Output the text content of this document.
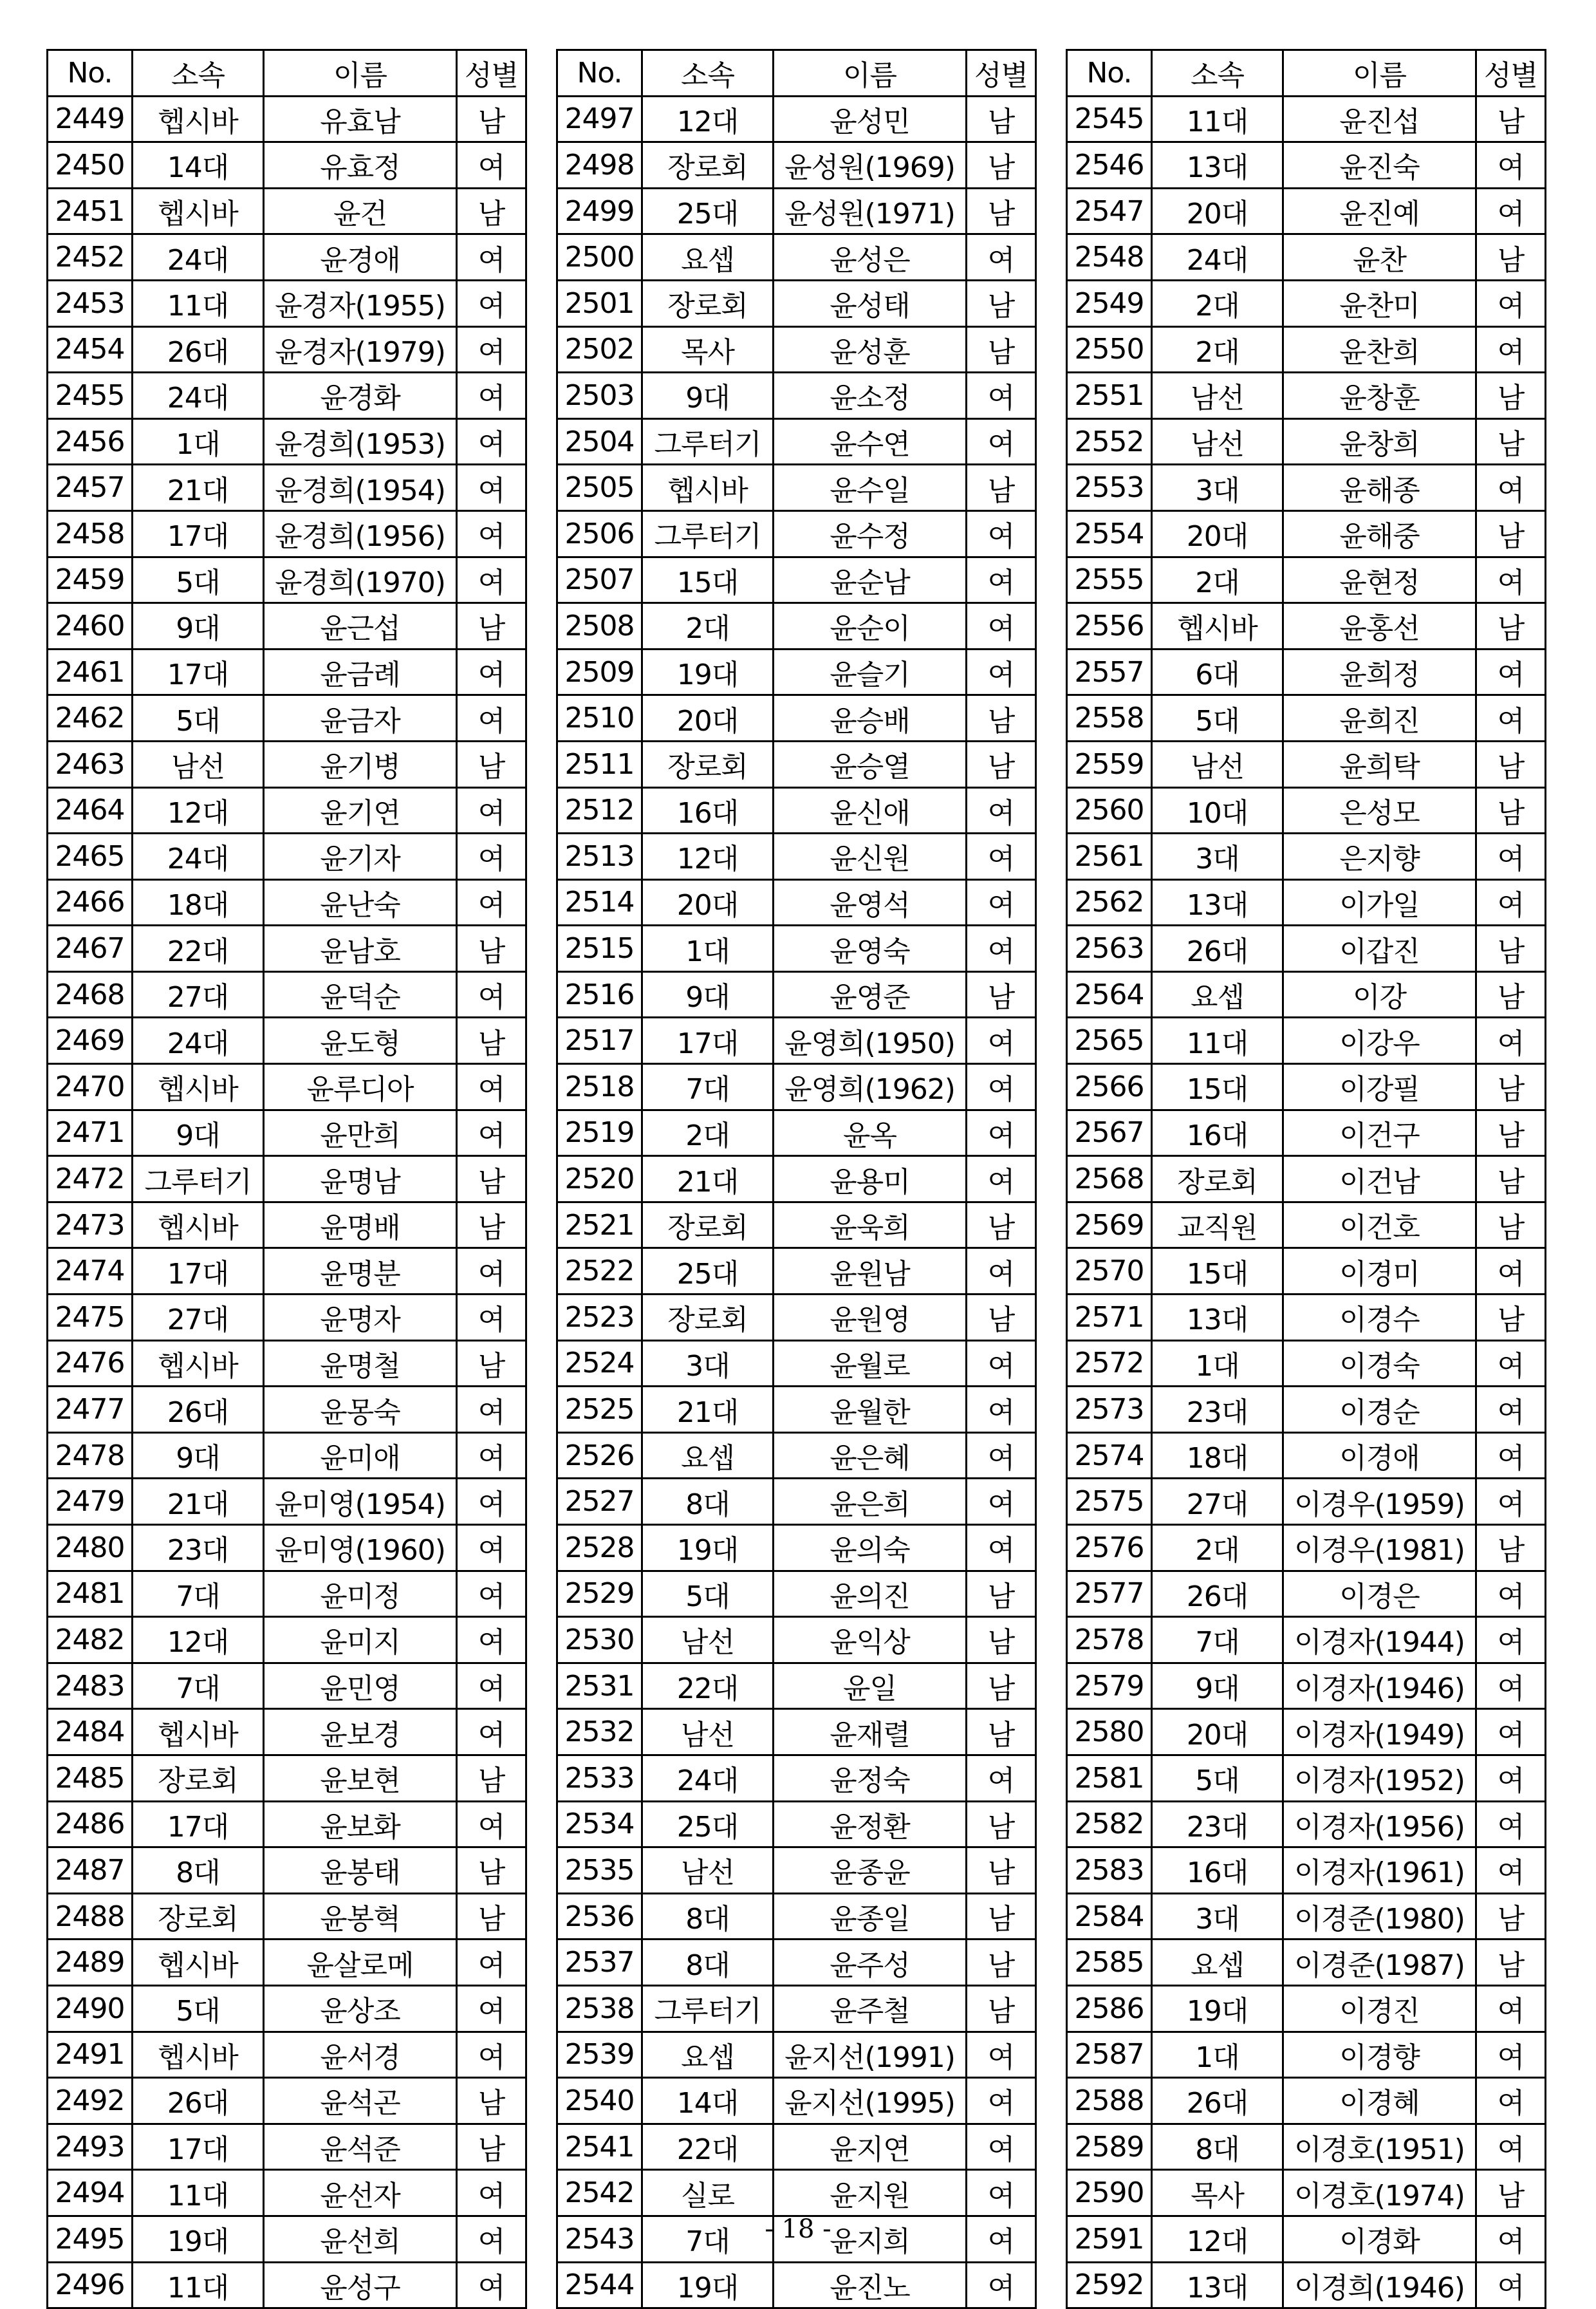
No.	소속	이름	성별
2449	헵시바	유효남	남
2450	14대	유효정	여
2451	헵시바	윤건	남
2452	24대	윤경애	여
2453	11대	윤경자(1955)	여
2454	26대	윤경자(1979)	여
2455	24대	윤경화	여
2456	1대	윤경희(1953)	여
2457	21대	윤경희(1954)	여
2458	17대	윤경희(1956)	여
2459	5대	윤경희(1970)	여
2460	9대	윤근섭	남
2461	17대	윤금례	여
2462	5대	윤금자	여
2463	남선	윤기병	남
2464	12대	윤기연	여
2465	24대	윤기자	여
2466	18대	윤난숙	여
2467	22대	윤남호	남
2468	27대	윤덕순	여
2469	24대	윤도형	남
2470	헵시바	윤루디아	여
2471	9대	윤만희	여
2472	그루터기	윤명남	남
2473	헵시바	윤명배	남
2474	17대	윤명분	여
2475	27대	윤명자	여
2476	헵시바	윤명철	남
2477	26대	윤몽숙	여
2478	9대	윤미애	여
2479	21대	윤미영(1954)	여
2480	23대	윤미영(1960)	여
2481	7대	윤미정	여
2482	12대	윤미지	여
2483	7대	윤민영	여
2484	헵시바	윤보경	여
2485	장로회	윤보현	남
2486	17대	윤보화	여
2487	8대	윤봉태	남
2488	장로회	윤봉혁	남
2489	헵시바	윤살로메	여
2490	5대	윤상조	여
2491	헵시바	윤서경	여
2492	26대	윤석곤	남
2493	17대	윤석준	남
2494	11대	윤선자	여
2495	19대	윤선희	여
2496	11대	윤성구	여
No.	소속	이름	성별
2497	12대	윤성민	남
2498	장로회	윤성원(1969)	남
2499	25대	윤성원(1971)	남
2500	요셉	윤성은	여
2501	장로회	윤성태	남
2502	목사	윤성훈	남
2503	9대	윤소정	여
2504	그루터기	윤수연	여
2505	헵시바	윤수일	남
2506	그루터기	윤수정	여
2507	15대	윤순남	여
2508	2대	윤순이	여
2509	19대	윤슬기	여
2510	20대	윤승배	남
2511	장로회	윤승열	남
2512	16대	윤신애	여
2513	12대	윤신원	여
2514	20대	윤영석	여
2515	1대	윤영숙	여
2516	9대	윤영준	남
2517	17대	윤영희(1950)	여
2518	7대	윤영희(1962)	여
2519	2대	윤옥	여
2520	21대	윤용미	여
2521	장로회	윤욱희	남
2522	25대	윤원남	여
2523	장로회	윤원영	남
2524	3대	윤월로	여
2525	21대	윤월한	여
2526	요셉	윤은혜	여
2527	8대	윤은희	여
2528	19대	윤의숙	여
2529	5대	윤의진	남
2530	남선	윤익상	남
2531	22대	윤일	남
2532	남선	윤재렬	남
2533	24대	윤정숙	여
2534	25대	윤정환	남
2535	남선	윤종윤	남
2536	8대	윤종일	남
2537	8대	윤주성	남
2538	그루터기	윤주철	남
2539	요셉	윤지선(1991)	여
2540	14대	윤지선(1995)	여
2541	22대	윤지연	여
2542	실로	윤지원	여
2543	7대	윤지희	여
2544	19대	윤진노	여
No.	소속	이름	성별
2545	11대	윤진섭	남
2546	13대	윤진숙	여
2547	20대	윤진예	여
2548	24대	윤찬	남
2549	2대	윤찬미	여
2550	2대	윤찬희	여
2551	남선	윤창훈	남
2552	남선	윤창희	남
2553	3대	윤해종	여
2554	20대	윤해중	남
2555	2대	윤현정	여
2556	헵시바	윤홍선	남
2557	6대	윤희정	여
2558	5대	윤희진	여
2559	남선	윤희탁	남
2560	10대	은성모	남
2561	3대	은지향	여
2562	13대	이가일	여
2563	26대	이갑진	남
2564	요셉	이강	남
2565	11대	이강우	여
2566	15대	이강필	남
2567	16대	이건구	남
2568	장로회	이건남	남
2569	교직원	이건호	남
2570	15대	이경미	여
2571	13대	이경수	남
2572	1대	이경숙	여
2573	23대	이경순	여
2574	18대	이경애	여
2575	27대	이경우(1959)	여
2576	2대	이경우(1981)	남
2577	26대	이경은	여
2578	7대	이경자(1944)	여
2579	9대	이경자(1946)	여
2580	20대	이경자(1949)	여
2581	5대	이경자(1952)	여
2582	23대	이경자(1956)	여
2583	16대	이경자(1961)	여
2584	3대	이경준(1980)	남
2585	요셉	이경준(1987)	남
2586	19대	이경진	여
2587	1대	이경향	여
2588	26대	이경혜	여
2589	8대	이경호(1951)	여
2590	목사	이경호(1974)	남
2591	12대	이경화	여
2592	13대	이경희(1946)	여
- 18 -
